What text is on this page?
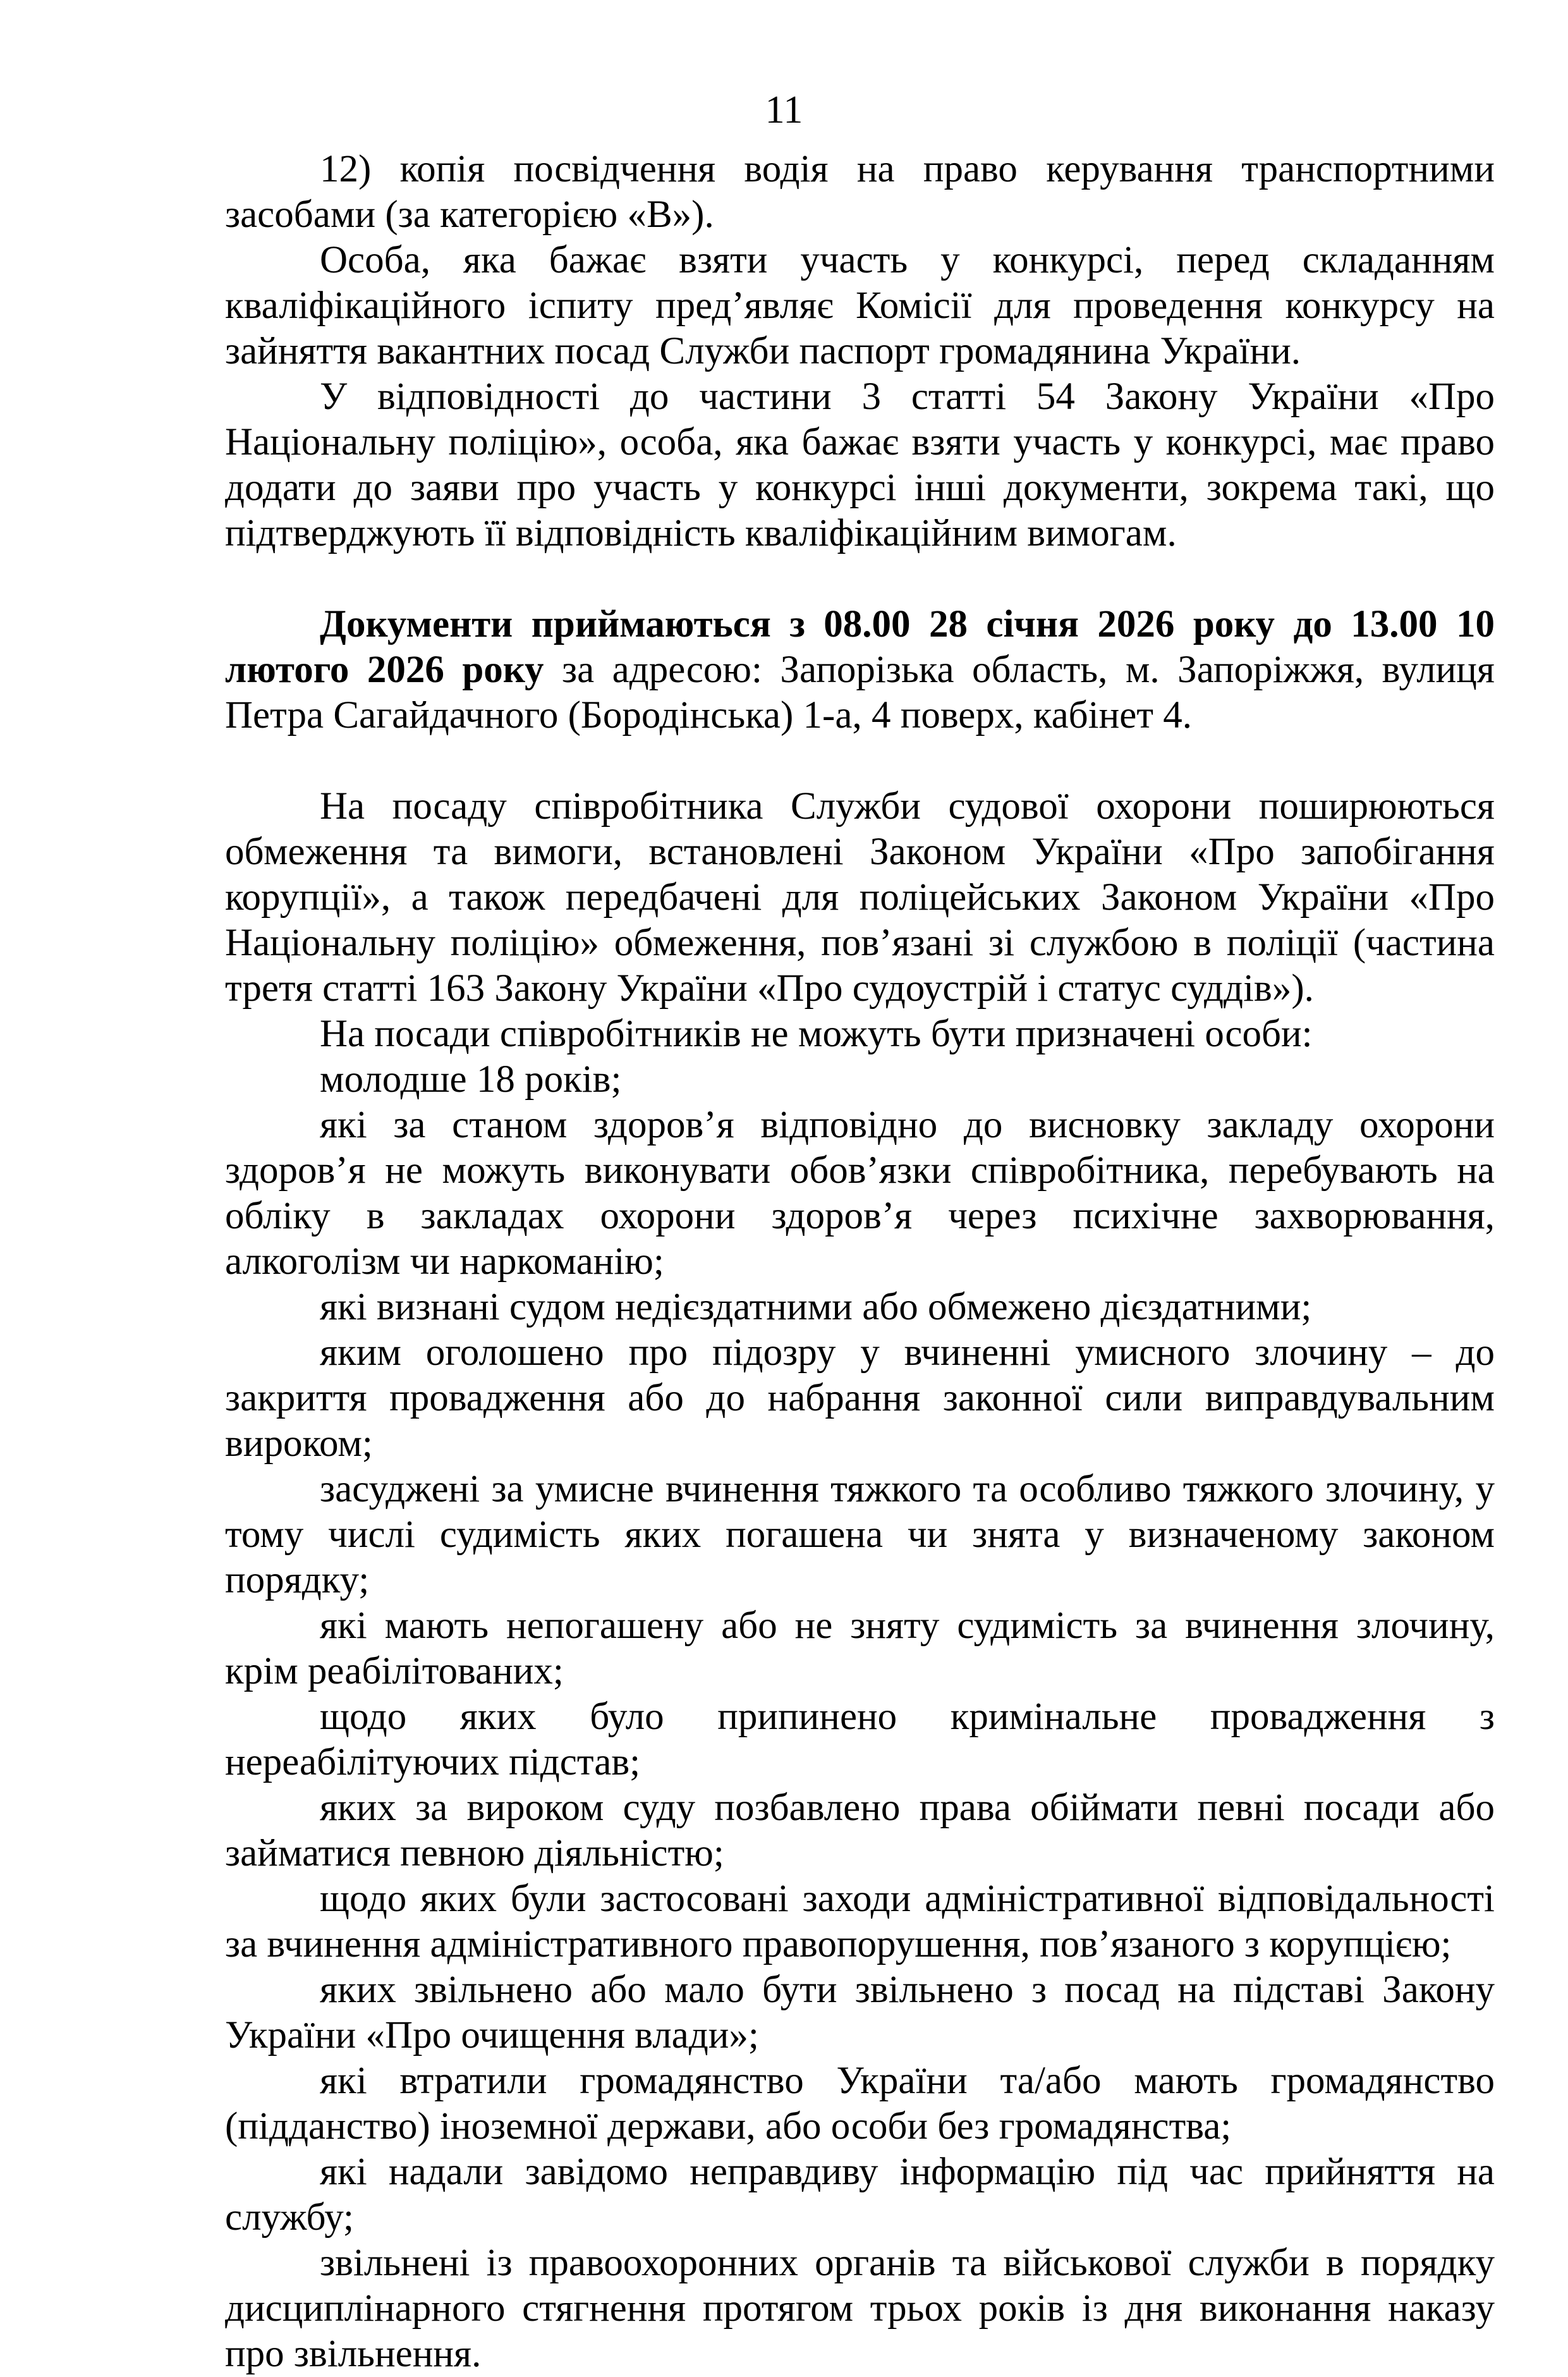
11

12) копія посвідчення водія на право керування транспортними засобами (за категорією «В»).

Особа, яка бажає взяти участь у конкурсі, перед складанням кваліфікаційного іспиту пред’являє Комісії для проведення конкурсу на зайняття вакантних посад Служби паспорт громадянина України.

У відповідності до частини 3 статті 54 Закону України «Про Національну поліцію», особа, яка бажає взяти участь у конкурсі, має право додати до заяви про участь у конкурсі інші документи, зокрема такі, що підтверджують її відповідність кваліфікаційним вимогам.

Документи приймаються з 08.00 28 січня 2026 року до 13.00 10 лютого 2026 року за адресою: Запорізька область, м. Запоріжжя, вулиця Петра Сагайдачного (Бородінська) 1-а, 4 поверх, кабінет 4.

На посаду співробітника Служби судової охорони поширюються обмеження та вимоги, встановлені Законом України «Про запобігання корупції», а також передбачені для поліцейських Законом України «Про Національну поліцію» обмеження, пов’язані зі службою в поліції (частина третя статті 163 Закону України «Про судоустрій і статус суддів»).

На посади співробітників не можуть бути призначені особи:

молодше 18 років;

які за станом здоров’я відповідно до висновку закладу охорони здоров’я не можуть виконувати обов’язки співробітника, перебувають на обліку в закладах охорони здоров’я через психічне захворювання, алкоголізм чи наркоманію;

які визнані судом недієздатними або обмежено дієздатними;

яким оголошено про підозру у вчиненні умисного злочину – до закриття провадження або до набрання законної сили виправдувальним вироком;

засуджені за умисне вчинення тяжкого та особливо тяжкого злочину, у тому числі судимість яких погашена чи знята у визначеному законом порядку;

які мають непогашену або не зняту судимість за вчинення злочину, крім реабілітованих;

щодо яких було припинено кримінальне провадження з нереабілітуючих підстав;

яких за вироком суду позбавлено права обіймати певні посади або займатися певною діяльністю;

щодо яких були застосовані заходи адміністративної відповідальності за вчинення адміністративного правопорушення, пов’язаного з корупцією;

яких звільнено або мало бути звільнено з посад на підставі Закону України «Про очищення влади»;

які втратили громадянство України та/або мають громадянство (підданство) іноземної держави, або особи без громадянства;

які надали завідомо неправдиву інформацію під час прийняття на службу;

звільнені із правоохоронних органів та військової служби в порядку дисциплінарного стягнення протягом трьох років із дня виконання наказу про звільнення.
